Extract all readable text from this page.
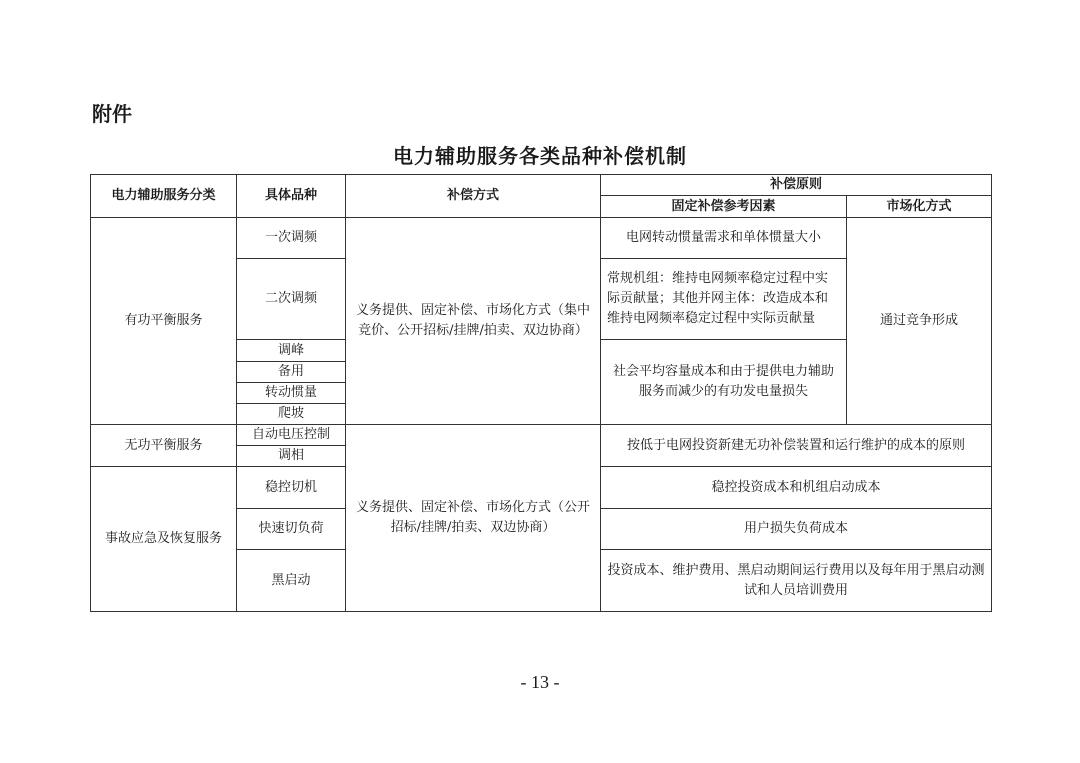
附件
电力辅助服务各类品种补偿机制
电力辅助服务分类	具体品种	补偿方式	补偿原则	
			固定补偿参考因素	市场化方式
有功平衡服务	一次调频	义务提供、固定补偿、市场化方式（集中竞价、公开招标/挂牌/拍卖、双边协商）	电网转动惯量需求和单体惯量大小	通过竞争形成
	二次调频		常规机组：维持电网频率稳定过程中实际贡献量；其他并网主体：改造成本和维持电网频率稳定过程中实际贡献量	
	调峰		社会平均容量成本和由于提供电力辅助服务而减少的有功发电量损失	
	备用			
	转动惯量			
	爬坡			
无功平衡服务	自动电压控制	义务提供、固定补偿、市场化方式（公开招标/挂牌/拍卖、双边协商）	按低于电网投资新建无功补偿装置和运行维护的成本的原则	
	调相			
事故应急及恢复服务	稳控切机		稳控投资成本和机组启动成本	
	快速切负荷		用户损失负荷成本	
	黑启动		投资成本、维护费用、黑启动期间运行费用以及每年用于黑启动测试和人员培训费用	
- 13 -
